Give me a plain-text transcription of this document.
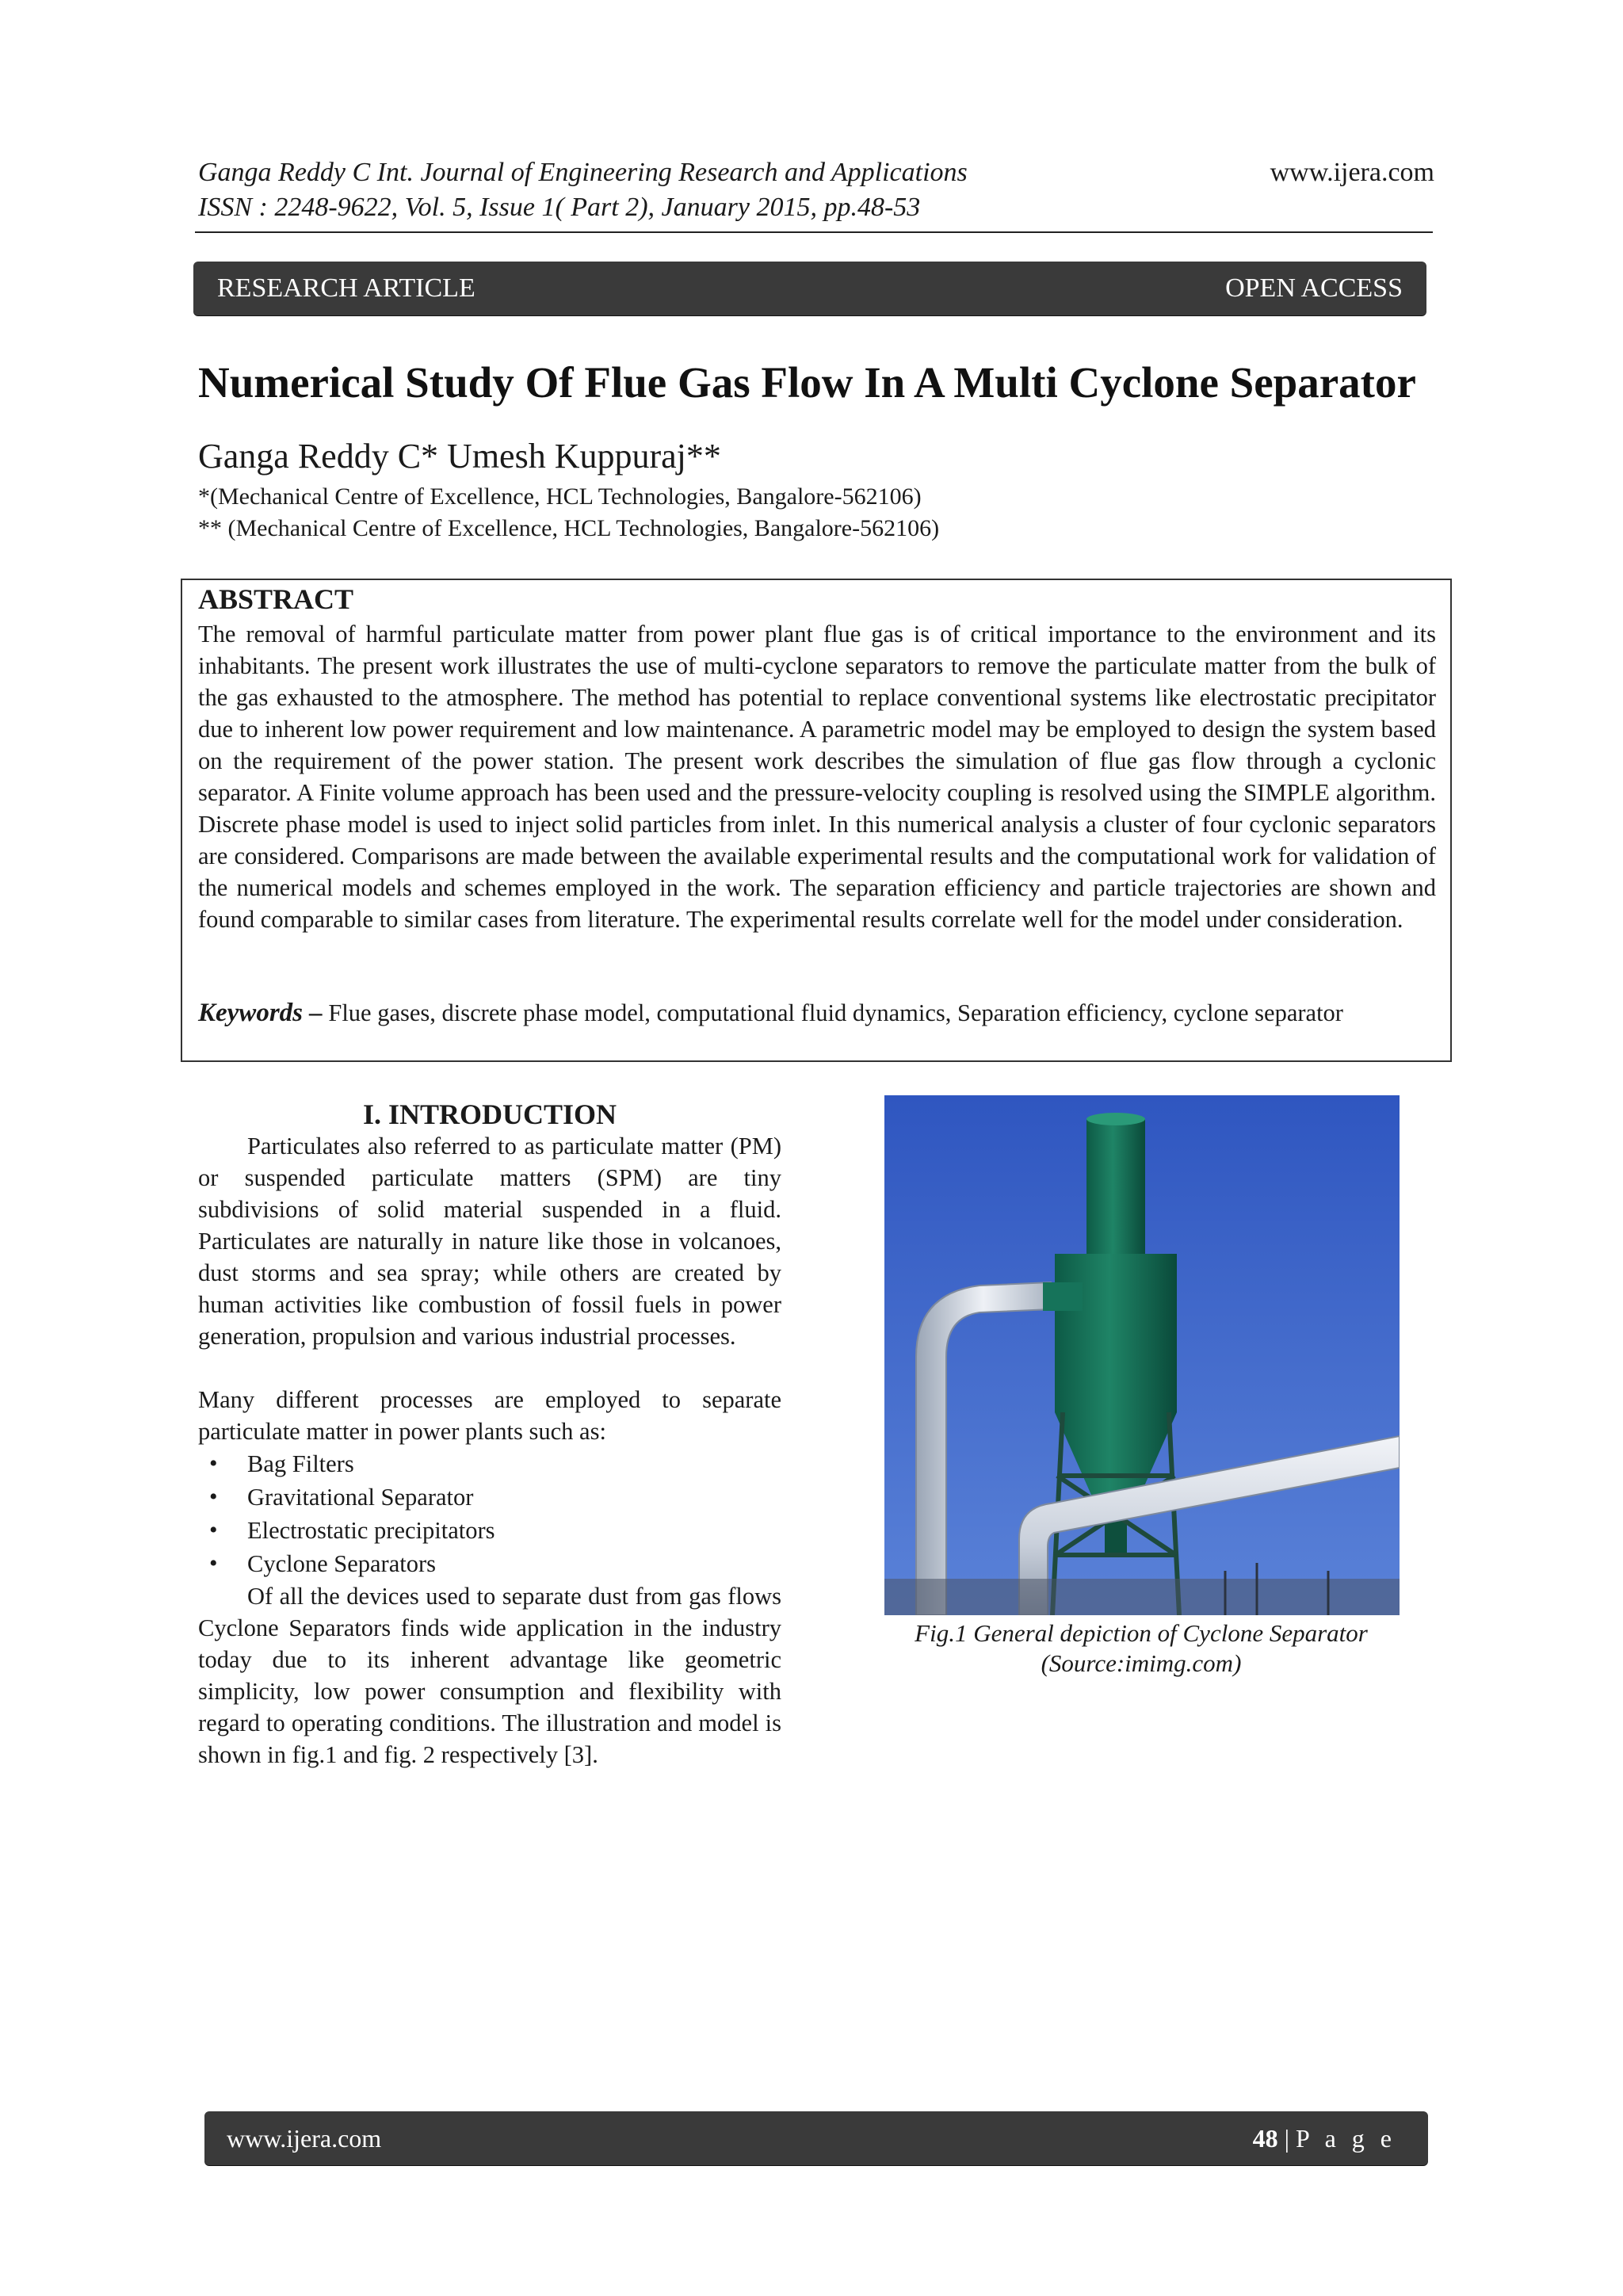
Ganga Reddy C Int. Journal of Engineering Research and Applications
ISSN : 2248-9622, Vol. 5, Issue 1( Part 2), January 2015, pp.48-53
www.ijera.com
RESEARCH ARTICLE	OPEN ACCESS
Numerical Study Of Flue Gas Flow In A Multi Cyclone Separator
Ganga Reddy C* Umesh Kuppuraj**
*(Mechanical Centre of Excellence, HCL Technologies, Bangalore-562106)
** (Mechanical Centre of Excellence, HCL Technologies, Bangalore-562106)
ABSTRACT
The removal of harmful particulate matter from power plant flue gas is of critical importance to the environment and its inhabitants. The present work illustrates the use of multi-cyclone separators to remove the particulate matter from the bulk of the gas exhausted to the atmosphere. The method has potential to replace conventional systems like electrostatic precipitator due to inherent low power requirement and low maintenance. A parametric model may be employed to design the system based on the requirement of the power station. The present work describes the simulation of flue gas flow through a cyclonic separator. A Finite volume approach has been used and the pressure-velocity coupling is resolved using the SIMPLE algorithm. Discrete phase model is used to inject solid particles from inlet. In this numerical analysis a cluster of four cyclonic separators are considered. Comparisons are made between the available experimental results and the computational work for validation of the numerical models and schemes employed in the work. The separation efficiency and particle trajectories are shown and found comparable to similar cases from literature. The experimental results correlate well for the model under consideration.
Keywords – Flue gases, discrete phase model, computational fluid dynamics, Separation efficiency, cyclone separator
I. INTRODUCTION
Particulates also referred to as particulate matter (PM) or suspended particulate matters (SPM) are tiny subdivisions of solid material suspended in a fluid. Particulates are naturally in nature like those in volcanoes, dust storms and sea spray; while others are created by human activities like combustion of fossil fuels in power generation, propulsion and various industrial processes.
Many different processes are employed to separate particulate matter in power plants such as:
• Bag Filters
• Gravitational Separator
• Electrostatic precipitators
• Cyclone Separators
Of all the devices used to separate dust from gas flows Cyclone Separators finds wide application in the industry today due to its inherent advantage like geometric simplicity, low power consumption and flexibility with regard to operating conditions. The illustration and model is shown in fig.1 and fig. 2 respectively [3].
Fig.1 General depiction of Cyclone Separator
(Source:imimg.com)
www.ijera.com	48 | P a g e
